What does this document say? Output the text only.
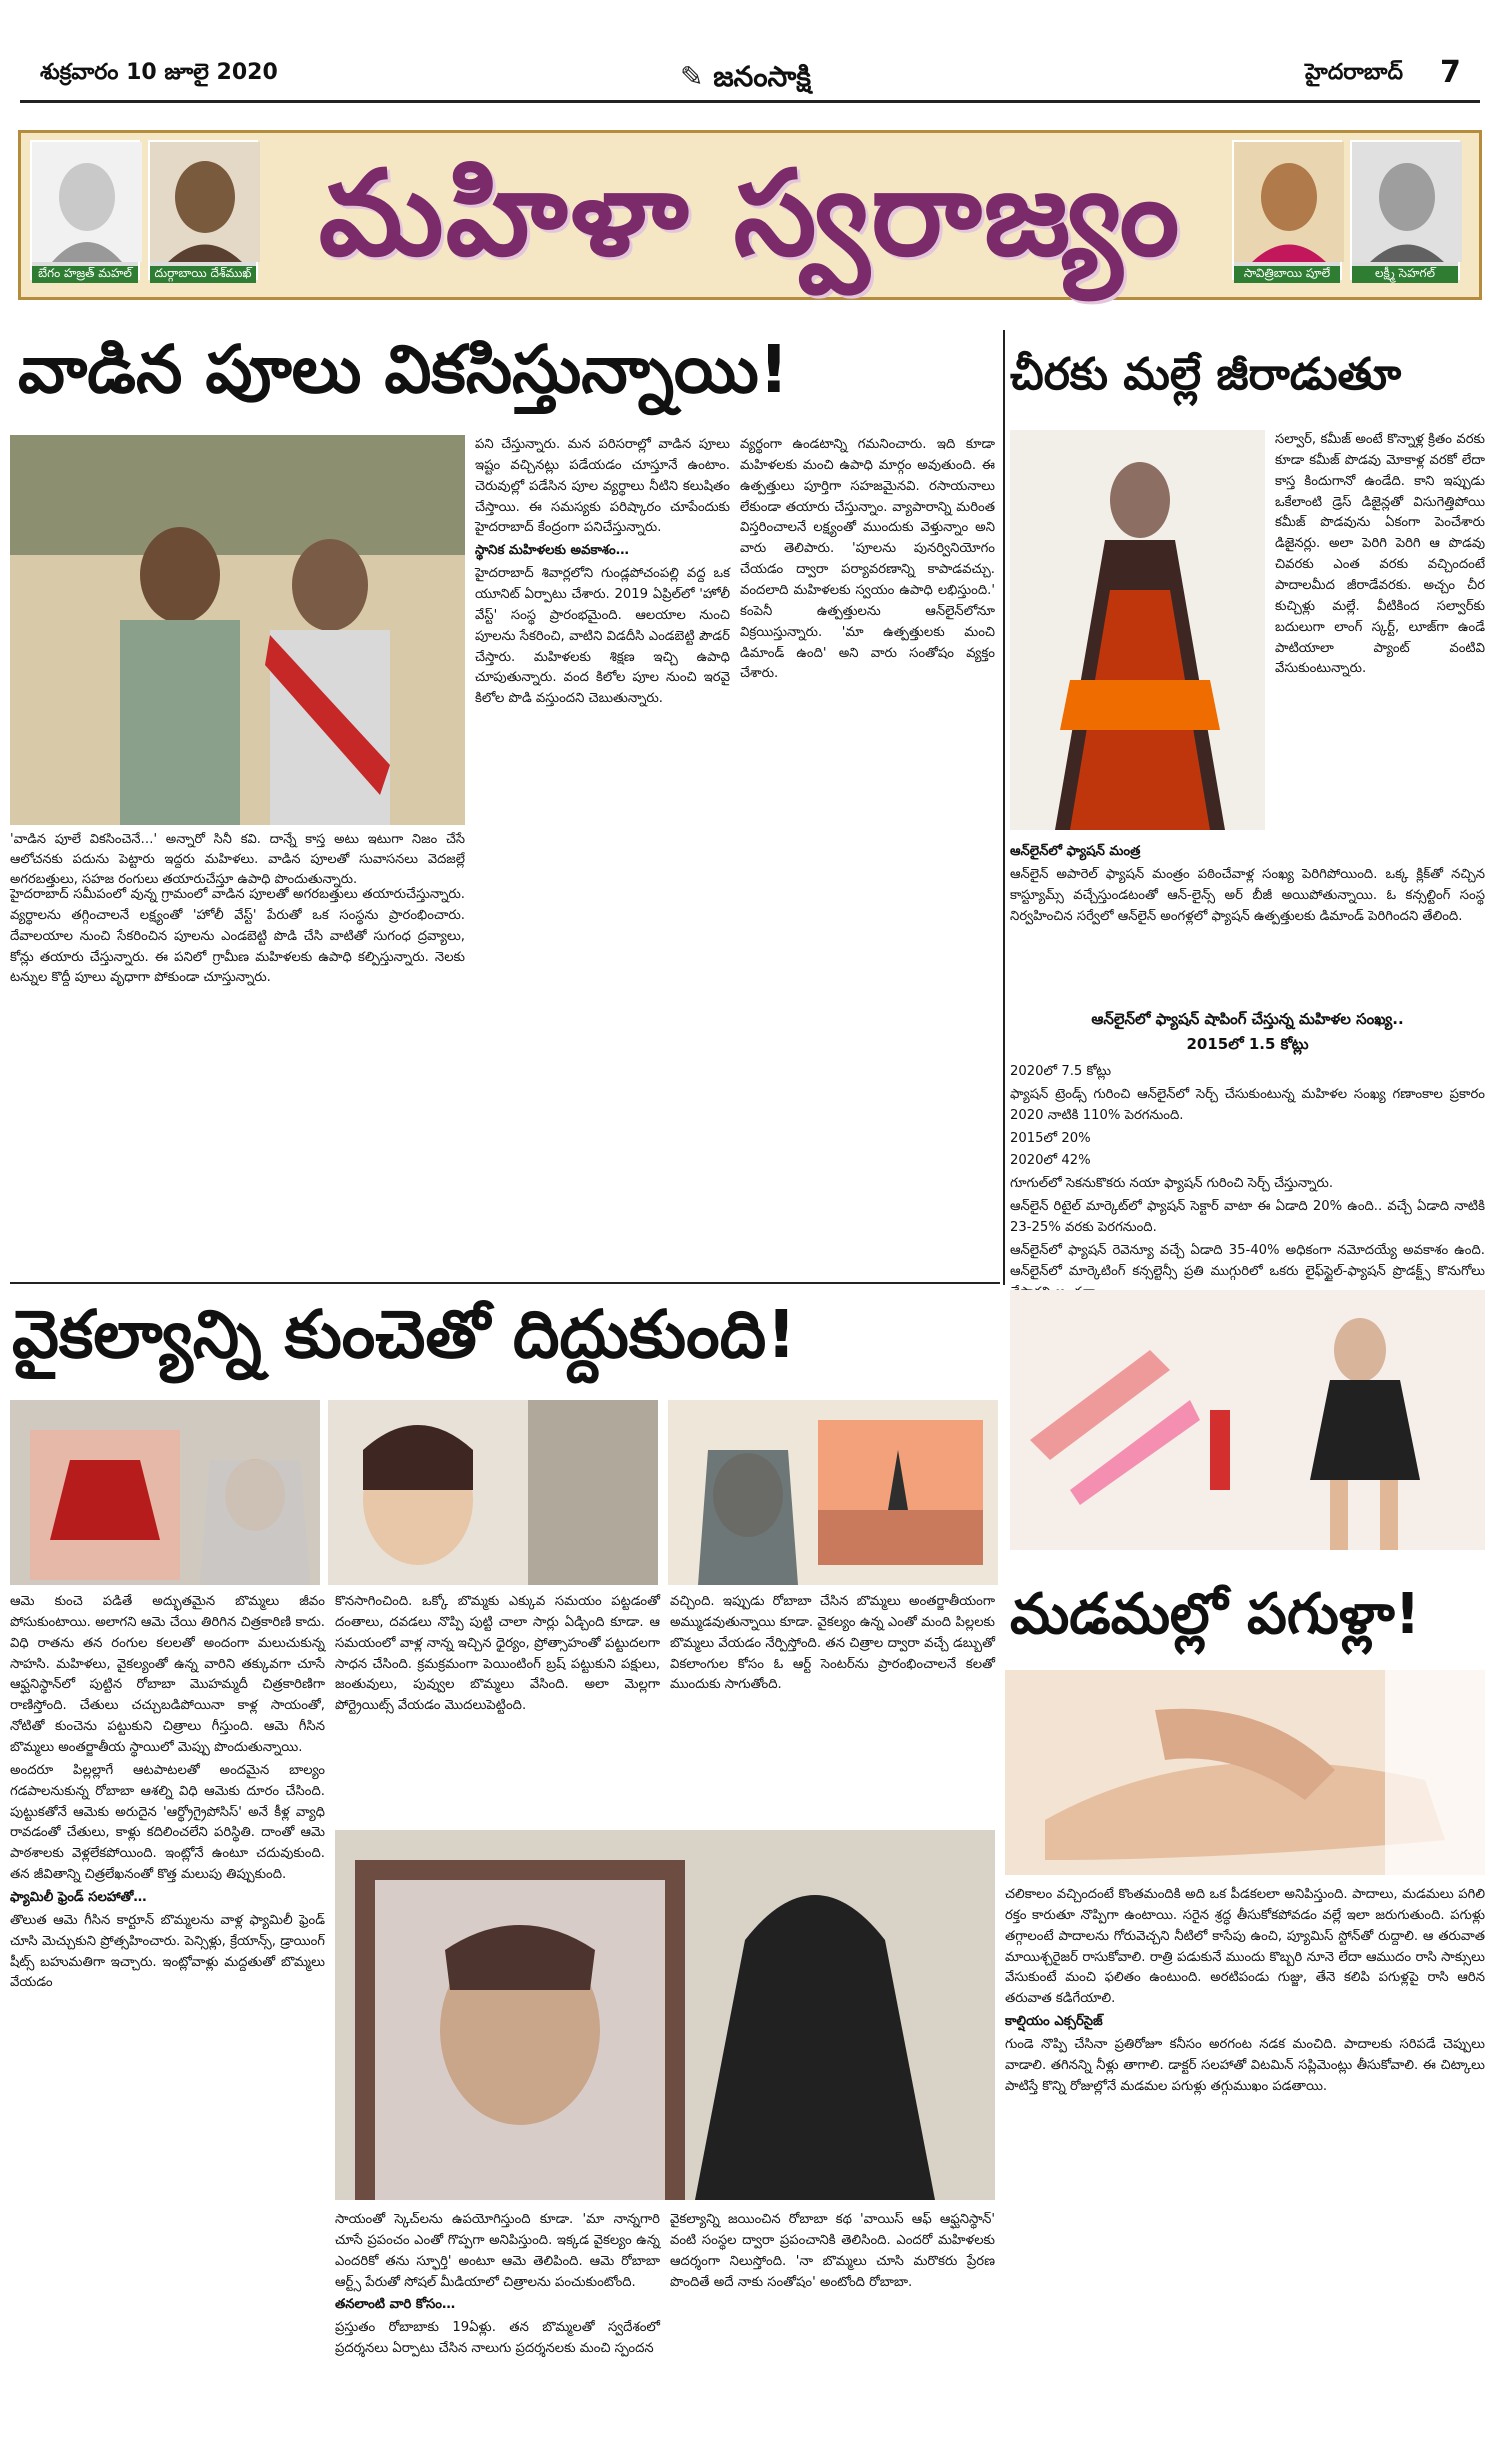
శుక్రవారం 10 జూలై 2020	✎ జనంసాక్షి	హైదరాబాద్ 7
బేగం హజ్రత్ మహల్	దుర్గాబాయి దేశ్‌ముఖ్ మహిళా స్వరాజ్యం	సావిత్రిబాయి పూలే	లక్ష్మీ సెహగల్
వాడిన పూలు వికసిస్తున్నాయి!
'వాడిన పూలే వికసించెనే…' అన్నారో సినీ కవి. దాన్నే కాస్త అటు ఇటుగా నిజం చేసే ఆలోచనకు పదును పెట్టారు ఇద్దరు మహిళలు. వాడిన పూలతో సువాసనలు వెదజల్లే అగరబత్తులు, సహజ రంగులు తయారుచేస్తూ ఉపాధి పొందుతున్నారు.

హైదరాబాద్ సమీపంలో వున్న గ్రామంలో వాడిన పూలతో అగరబత్తులు తయారుచేస్తున్నారు. వ్యర్థాలను తగ్గించాలనే లక్ష్యంతో 'హోలీ వేస్ట్' పేరుతో ఒక సంస్థను ప్రారంభించారు. దేవాలయాల నుంచి సేకరించిన పూలను ఎండబెట్టి పొడి చేసి వాటితో సుగంధ ద్రవ్యాలు, కోన్లు తయారు చేస్తున్నారు. ఈ పనిలో గ్రామీణ మహిళలకు ఉపాధి కల్పిస్తున్నారు. నెలకు టన్నుల కొద్దీ పూలు వృధాగా పోకుండా చూస్తున్నారు.

పని చేస్తున్నారు. మన పరిసరాల్లో వాడిన పూలు ఇష్టం వచ్చినట్లు పడేయడం చూస్తూనే ఉంటాం. చెరువుల్లో పడేసిన పూల వ్యర్థాలు నీటిని కలుషితం చేస్తాయి. ఈ సమస్యకు పరిష్కారం చూపేందుకు హైదరాబాద్ కేంద్రంగా పనిచేస్తున్నారు.

స్థానిక మహిళలకు అవకాశం…

హైదరాబాద్ శివార్లలోని గుండ్లపోచంపల్లి వద్ద ఒక యూనిట్ ఏర్పాటు చేశారు. 2019 ఏప్రిల్‌లో 'హోలీ వేస్ట్' సంస్థ ప్రారంభమైంది. ఆలయాల నుంచి పూలను సేకరించి, వాటిని విడదీసి ఎండబెట్టి పౌడర్ చేస్తారు. మహిళలకు శిక్షణ ఇచ్చి ఉపాధి చూపుతున్నారు. వంద కిలోల పూల నుంచి ఇరవై కిలోల పొడి వస్తుందని చెబుతున్నారు.

వ్యర్థంగా ఉండటాన్ని గమనించారు. ఇది కూడా మహిళలకు మంచి ఉపాధి మార్గం అవుతుంది. ఈ ఉత్పత్తులు పూర్తిగా సహజమైనవి. రసాయనాలు లేకుండా తయారు చేస్తున్నాం. వ్యాపారాన్ని మరింత విస్తరించాలనే లక్ష్యంతో ముందుకు వెళ్తున్నాం అని వారు తెలిపారు. 'పూలను పునర్వినియోగం చేయడం ద్వారా పర్యావరణాన్ని కాపాడవచ్చు. వందలాది మహిళలకు స్వయం ఉపాధి లభిస్తుంది.' కంపెనీ ఉత్పత్తులను ఆన్‌లైన్‌లోనూ విక్రయిస్తున్నారు. 'మా ఉత్పత్తులకు మంచి డిమాండ్ ఉంది' అని వారు సంతోషం వ్యక్తం చేశారు.

చీరకు మల్లే జీరాడుతూ

సల్వార్, కమీజ్ అంటే కొన్నాళ్ల క్రితం వరకు కూడా కమీజ్ పొడవు మోకాళ్ల వరకో లేదా కాస్త కిందుగానో ఉండేది. కాని ఇప్పుడు ఒకేలాంటి డ్రెస్ డిజైన్లతో విసుగెత్తిపోయి కమీజ్ పొడవును ఏకంగా పెంచేశారు డిజైనర్లు. అలా పెరిగి పెరిగి ఆ పొడవు చివరకు ఎంత వరకు వచ్చిందంటే పాదాలమీద జీరాడేవరకు. అచ్చం చీర కుచ్చిళ్లు మల్లే. వీటికింద సల్వార్‌కు బదులుగా లాంగ్ స్కర్ట్, లూజ్‌గా ఉండే పాటియాలా ప్యాంట్ వంటివి వేసుకుంటున్నారు.

ఆన్‌లైన్‌లో ఫ్యాషన్ మంత్ర

ఆన్‌లైన్ అపారెల్ ఫ్యాషన్ మంత్రం పఠించేవాళ్ల సంఖ్య పెరిగిపోయింది. ఒక్క క్లిక్‌తో నచ్చిన కాస్ట్యూమ్స్ వచ్చేస్తుండటంతో ఆన్-లైన్స్ అర్ బీజీ అయిపోతున్నాయి. ఓ కన్సల్టింగ్ సంస్థ నిర్వహించిన సర్వేలో ఆన్‌లైన్ అంగళ్లలో ఫ్యాషన్ ఉత్పత్తులకు డిమాండ్ పెరిగిందని తేలింది.

ఆన్‌లైన్‌లో ఫ్యాషన్ షాపింగ్ చేస్తున్న మహిళల సంఖ్య..
2015లో 1.5 కోట్లు

2020లో 7.5 కోట్లు

ఫ్యాషన్ ట్రెండ్స్ గురించి ఆన్‌లైన్‌లో సెర్చ్ చేసుకుంటున్న మహిళల సంఖ్య గణాంకాల ప్రకారం 2020 నాటికి 110% పెరగనుంది.

2015లో 20%

2020లో 42%

గూగుల్‌లో సెకనుకొకరు నయా ఫ్యాషన్ గురించి సెర్చ్ చేస్తున్నారు.

ఆన్‌లైన్ రిటైల్ మార్కెట్‌లో ఫ్యాషన్ సెక్టార్ వాటా ఈ ఏడాది 20% ఉంది.. వచ్చే ఏడాది నాటికి 23-25% వరకు పెరగనుంది.

ఆన్‌లైన్‌లో ఫ్యాషన్ రెవెన్యూ వచ్చే ఏడాది 35-40% అధికంగా నమోదయ్యే అవకాశం ఉంది. ఆన్‌లైన్‌లో మార్కెటింగ్ కన్సల్టెన్సీ ప్రతి ముగ్గురిలో ఒకరు లైఫ్‌స్టైల్-ఫ్యాషన్ ప్రొడక్ట్స్ కొనుగోలు

వైకల్యాన్ని కుంచెతో దిద్దుకుంది!

ఆమె కుంచె పడితే అద్భుతమైన బొమ్మలు జీవం పోసుకుంటాయి. అలాగని ఆమె చేయి తిరిగిన చిత్రకారిణి కాదు. విధి రాతను తన రంగుల కలలతో అందంగా మలుచుకున్న సాహసి. మహిళలు, వైకల్యంతో ఉన్న వారిని తక్కువగా చూసే ఆఫ్ఘనిస్థాన్‌లో పుట్టిన రోబాబా మొహమ్మదీ చిత్రకారిణిగా రాణిస్తోంది. చేతులు చచ్చుబడిపోయినా కాళ్ల సాయంతో, నోటితో కుంచెను పట్టుకుని చిత్రాలు గీస్తుంది. ఆమె గీసిన బొమ్మలు అంతర్జాతీయ స్థాయిలో మెప్పు పొందుతున్నాయి.

అందరూ పిల్లల్లాగే ఆటపాటలతో అందమైన బాల్యం గడపాలనుకున్న రోబాబా ఆశల్ని విధి ఆమెకు దూరం చేసింది. పుట్టుకతోనే ఆమెకు అరుదైన 'ఆర్థ్రోగ్రైపోసిస్' అనే కీళ్ల వ్యాధి రావడంతో చేతులు, కాళ్లు కదిలించలేని పరిస్థితి. దాంతో ఆమె పాఠశాలకు వెళ్లలేకపోయింది. ఇంట్లోనే ఉంటూ చదువుకుంది. తన జీవితాన్ని చిత్రలేఖనంతో కొత్త మలుపు తిప్పుకుంది.

ఫ్యామిలీ ఫ్రెండ్ సలహాతో…

తొలుత ఆమె గీసిన కార్టూన్ బొమ్మలను వాళ్ల ఫ్యామిలీ ఫ్రెండ్ చూసి మెచ్చుకుని ప్రోత్సహించారు. పెన్సిళ్లు, క్రేయాన్స్, డ్రాయింగ్ షీట్స్ బహుమతిగా ఇచ్చారు. ఇంట్లోవాళ్లు మద్దతుతో బొమ్మలు వేయడం

కొనసాగించింది. ఒక్కో బొమ్మకు ఎక్కువ సమయం పట్టడంతో దంతాలు, దవడలు నొప్పి పుట్టి చాలా సార్లు ఏడ్చింది కూడా. ఆ సమయంలో వాళ్ల నాన్న ఇచ్చిన ధైర్యం, ప్రోత్సాహంతో పట్టుదలగా సాధన చేసింది. క్రమక్రమంగా పెయింటింగ్ బ్రష్ పట్టుకుని పక్షులు, జంతువులు, పువ్వుల బొమ్మలు వేసింది. అలా మెల్లగా పోర్ట్రెయిట్స్ వేయడం మొదలుపెట్టింది.

వచ్చింది. ఇప్పుడు రోబాబా చేసిన బొమ్మలు అంతర్జాతీయంగా అమ్ముడవుతున్నాయి కూడా. వైకల్యం ఉన్న ఎంతో మంది పిల్లలకు బొమ్మలు వేయడం నేర్పిస్తోంది. తన చిత్రాల ద్వారా వచ్చే డబ్బుతో వికలాంగుల కోసం ఓ ఆర్ట్ సెంటర్‌ను ప్రారంభించాలనే కలతో ముందుకు సాగుతోంది.

సాయంతో స్కెచ్‌లను ఉపయోగిస్తుంది కూడా. 'మా నాన్నగారి చూసే ప్రపంచం ఎంతో గొప్పగా అనిపిస్తుంది. ఇక్కడ వైకల్యం ఉన్న ఎందరికో తను స్ఫూర్తి' అంటూ ఆమె తెలిపింది. ఆమె రోబాబా ఆర్ట్స్ పేరుతో సోషల్ మీడియాలో చిత్రాలను పంచుకుంటోంది.

తనలాంటి వారి కోసం…

ప్రస్తుతం రోబాబాకు 19ఏళ్లు. తన బొమ్మలతో స్వదేశంలో ప్రదర్శనలు ఏర్పాటు చేసిన నాలుగు ప్రదర్శనలకు మంచి స్పందన

వైకల్యాన్ని జయించిన రోబాబా కథ 'వాయిస్ ఆఫ్ ఆఫ్ఘనిస్థాన్' వంటి సంస్థల ద్వారా ప్రపంచానికి తెలిసింది. ఎందరో మహిళలకు ఆదర్శంగా నిలుస్తోంది. 'నా బొమ్మలు చూసి మరొకరు ప్రేరణ పొందితే అదే నాకు సంతోషం' అంటోంది రోబాబా.

మడమల్లో పగుళ్లా!

చలికాలం వచ్చిందంటే కొంతమందికి అది ఒక పీడకలలా అనిపిస్తుంది. పాదాలు, మడమలు పగిలి రక్తం కారుతూ నొప్పిగా ఉంటాయి. సరైన శ్రద్ధ తీసుకోకపోవడం వల్లే ఇలా జరుగుతుంది. పగుళ్లు తగ్గాలంటే పాదాలను గోరువెచ్చని నీటిలో కాసేపు ఉంచి, ప్యూమిస్ స్టోన్‌తో రుద్దాలి. ఆ తరువాత మాయిశ్చరైజర్ రాసుకోవాలి. రాత్రి పడుకునే ముందు కొబ్బరి నూనె లేదా ఆముదం రాసి సాక్సులు వేసుకుంటే మంచి ఫలితం ఉంటుంది. అరటిపండు గుజ్జు, తేనె కలిపి పగుళ్లపై రాసి ఆరిన తరువాత కడిగేయాలి.

కాల్షియం ఎక్సర్‌సైజ్

గుండె నొప్పి చేసినా ప్రతిరోజూ కనీసం అరగంట నడక మంచిది. పాదాలకు సరిపడే చెప్పులు వాడాలి. తగినన్ని నీళ్లు తాగాలి. డాక్టర్ సలహాతో విటమిన్ సప్లిమెంట్లు తీసుకోవాలి. ఈ చిట్కాలు పాటిస్తే కొన్ని రోజుల్లోనే మడమల పగుళ్లు తగ్గుముఖం పడతాయి.
